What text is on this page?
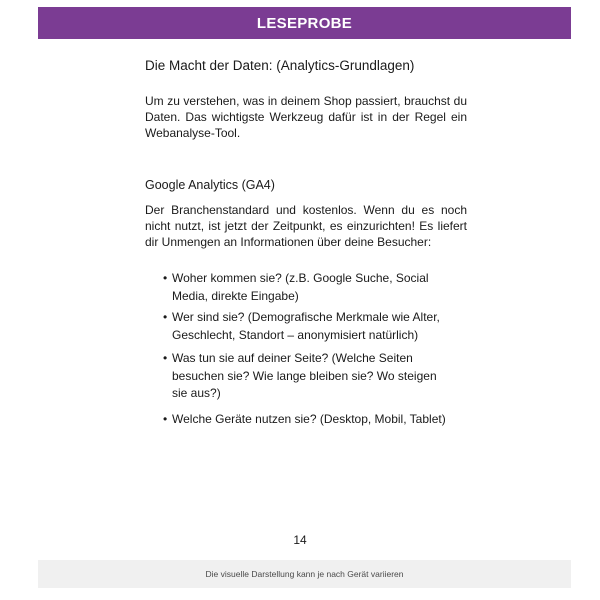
LESEPROBE
Die Macht der Daten: (Analytics-Grundlagen)

Um zu verstehen, was in deinem Shop passiert, brauchst du Daten. Das wichtigste Werkzeug dafür ist in der Regel ein Webanalyse-Tool.

Google Analytics (GA4)

Der Branchenstandard und kostenlos. Wenn du es noch nicht nutzt, ist jetzt der Zeitpunkt, es einzurichten! Es liefert dir Unmengen an Informationen über deine Besucher:

• Woher kommen sie? (z.B. Google Suche, Social Media, direkte Eingabe)
• Wer sind sie? (Demografische Merkmale wie Alter, Geschlecht, Standort – anonymisiert natürlich)
• Was tun sie auf deiner Seite? (Welche Seiten besuchen sie? Wie lange bleiben sie? Wo steigen sie aus?)
• Welche Geräte nutzen sie? (Desktop, Mobil, Tablet)
14
Die visuelle Darstellung kann je nach Gerät variieren
